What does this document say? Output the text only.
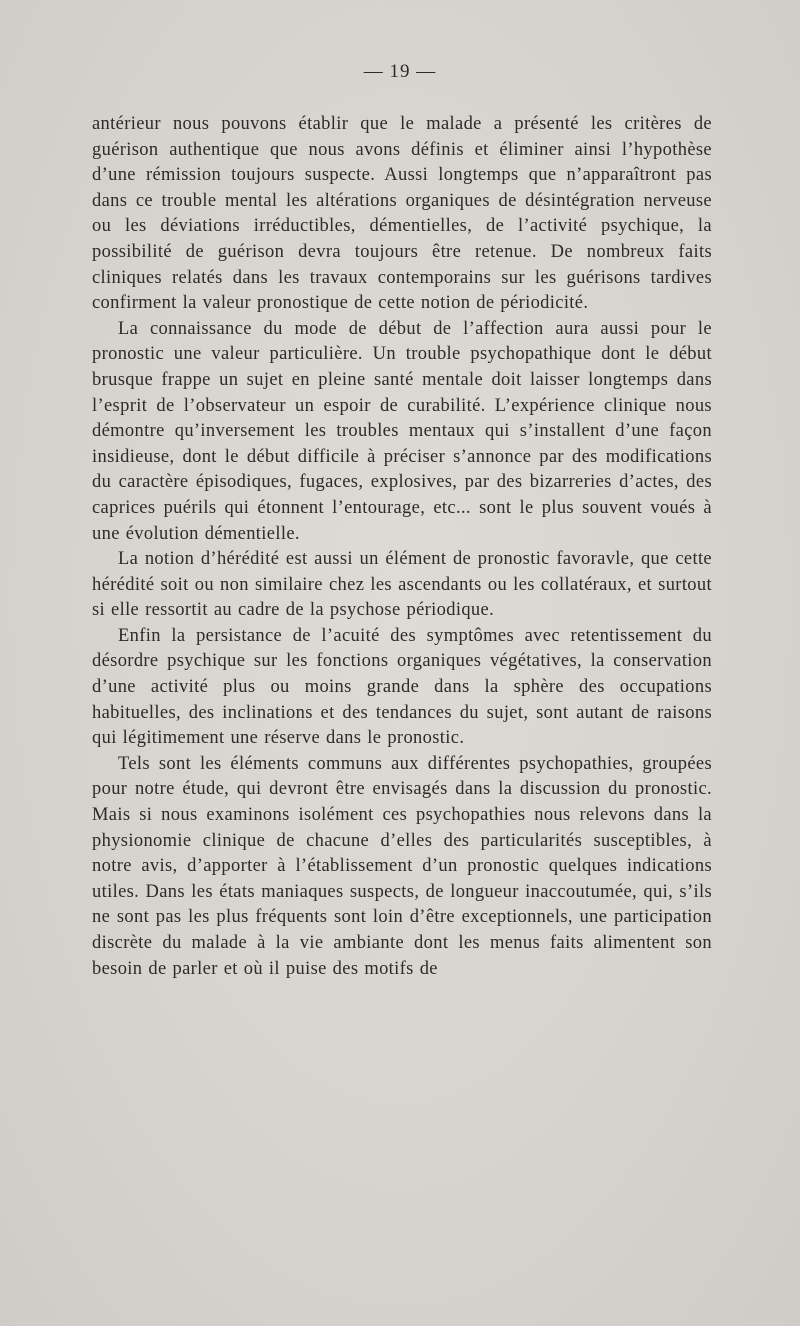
— 19 —

antérieur nous pouvons établir que le malade a présenté les critères de guérison authentique que nous avons définis et éliminer ainsi l’hypothèse d’une rémission toujours suspecte. Aussi longtemps que n’apparaîtront pas dans ce trouble mental les altérations organiques de désintégration nerveuse ou les déviations irréductibles, démentielles, de l’activité psychique, la possibilité de guérison devra toujours être retenue. De nombreux faits cliniques relatés dans les travaux contemporains sur les guérisons tardives confirment la valeur pronostique de cette notion de périodicité.

La connaissance du mode de début de l’affection aura aussi pour le pronostic une valeur particulière. Un trouble psychopathique dont le début brusque frappe un sujet en pleine santé mentale doit laisser longtemps dans l’esprit de l’observateur un espoir de curabilité. L’expérience clinique nous démontre qu’inversement les troubles mentaux qui s’installent d’une façon insidieuse, dont le début difficile à préciser s’annonce par des modifications du caractère épisodiques, fugaces, explosives, par des bizarreries d’actes, des caprices puérils qui étonnent l’entourage, etc... sont le plus souvent voués à une évolution démentielle.

La notion d’hérédité est aussi un élément de pronostic favoravle, que cette hérédité soit ou non similaire chez les ascendants ou les collatéraux, et surtout si elle ressortit au cadre de la psychose périodique.

Enfin la persistance de l’acuité des symptômes avec retentissement du désordre psychique sur les fonctions organiques végétatives, la conservation d’une activité plus ou moins grande dans la sphère des occupations habituelles, des inclinations et des tendances du sujet, sont autant de raisons qui légitimement une réserve dans le pronostic.

Tels sont les éléments communs aux différentes psychopathies, groupées pour notre étude, qui devront être envisagés dans la discussion du pronostic. Mais si nous examinons isolément ces psychopathies nous relevons dans la physionomie clinique de chacune d’elles des particularités susceptibles, à notre avis, d’apporter à l’établissement d’un pronostic quelques indications utiles. Dans les états maniaques suspects, de longueur inaccoutumée, qui, s’ils ne sont pas les plus fréquents sont loin d’être exceptionnels, une participation discrète du malade à la vie ambiante dont les menus faits alimentent son besoin de parler et où il puise des motifs de
